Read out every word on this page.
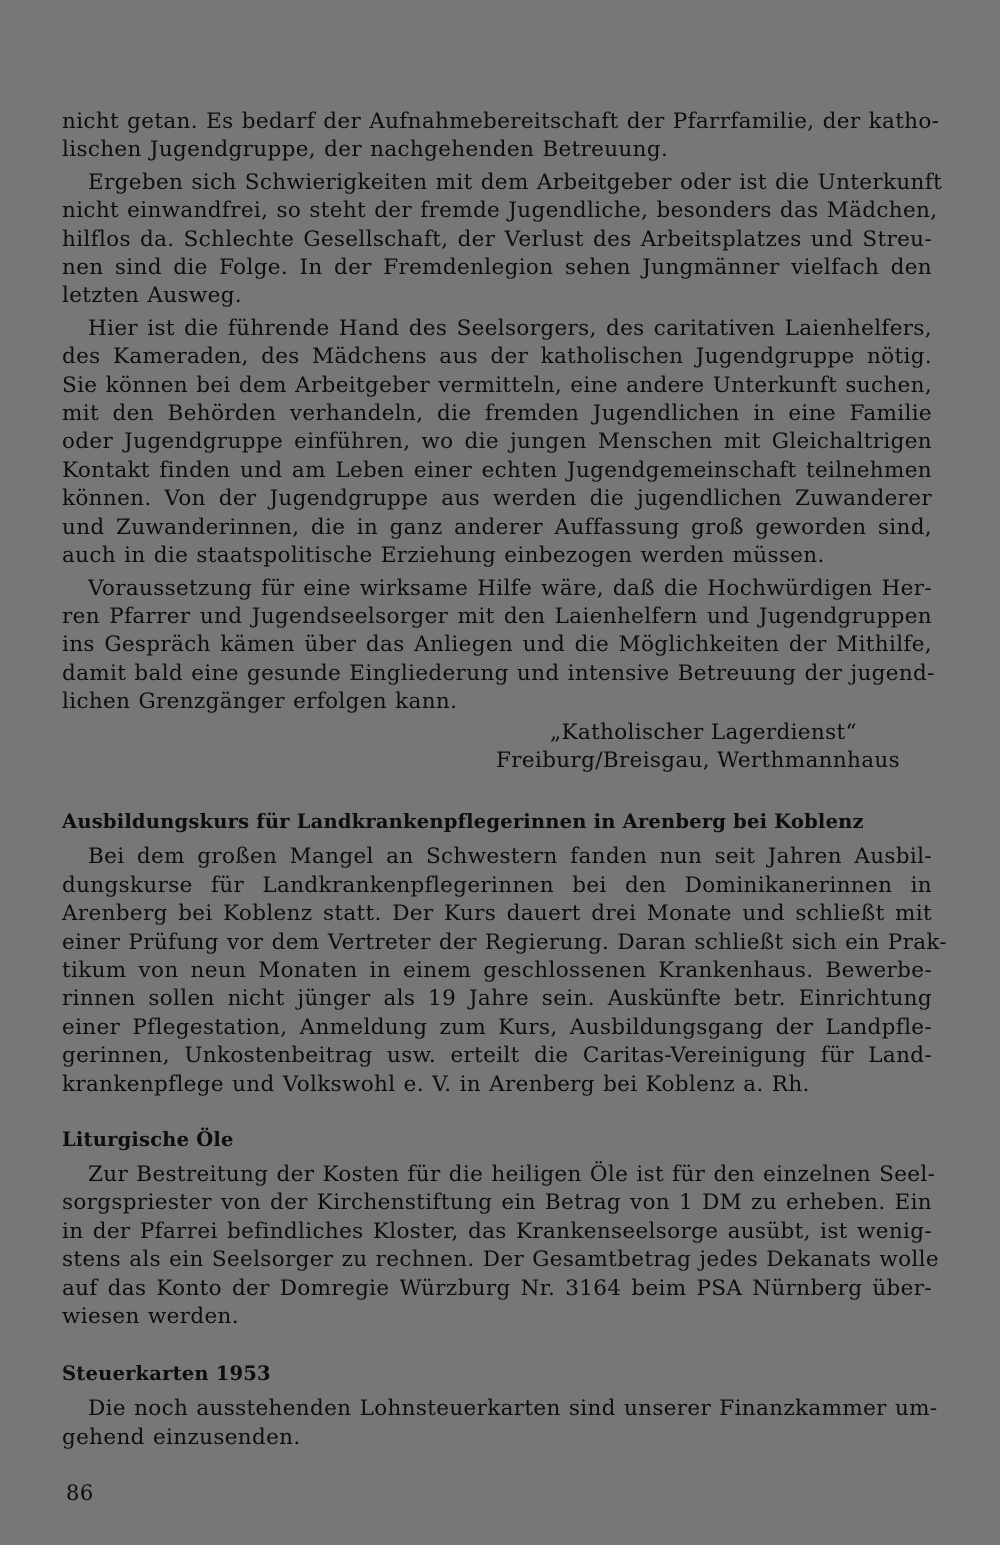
nicht getan. Es bedarf der Aufnahmebereitschaft der Pfarrfamilie, der katho-
lischen Jugendgruppe, der nachgehenden Betreuung.

Ergeben sich Schwierigkeiten mit dem Arbeitgeber oder ist die Unterkunft
nicht einwandfrei, so steht der fremde Jugendliche, besonders das Mädchen,
hilflos da. Schlechte Gesellschaft, der Verlust des Arbeitsplatzes und Streu-
nen sind die Folge. In der Fremdenlegion sehen Jungmänner vielfach den
letzten Ausweg.

Hier ist die führende Hand des Seelsorgers, des caritativen Laienhelfers,
des Kameraden, des Mädchens aus der katholischen Jugendgruppe nötig.
Sie können bei dem Arbeitgeber vermitteln, eine andere Unterkunft suchen,
mit den Behörden verhandeln, die fremden Jugendlichen in eine Familie
oder Jugendgruppe einführen, wo die jungen Menschen mit Gleichaltrigen
Kontakt finden und am Leben einer echten Jugendgemeinschaft teilnehmen
können. Von der Jugendgruppe aus werden die jugendlichen Zuwanderer
und Zuwanderinnen, die in ganz anderer Auffassung groß geworden sind,
auch in die staatspolitische Erziehung einbezogen werden müssen.

Voraussetzung für eine wirksame Hilfe wäre, daß die Hochwürdigen Her-
ren Pfarrer und Jugendseelsorger mit den Laienhelfern und Jugendgruppen
ins Gespräch kämen über das Anliegen und die Möglichkeiten der Mithilfe,
damit bald eine gesunde Eingliederung und intensive Betreuung der jugend-
lichen Grenzgänger erfolgen kann.

„Katholischer Lagerdienst“
Freiburg/Breisgau, Werthmannhaus
Ausbildungskurs für Landkrankenpflegerinnen in Arenberg bei Koblenz

Bei dem großen Mangel an Schwestern fanden nun seit Jahren Ausbil-
dungskurse für Landkrankenpflegerinnen bei den Dominikanerinnen in
Arenberg bei Koblenz statt. Der Kurs dauert drei Monate und schließt mit
einer Prüfung vor dem Vertreter der Regierung. Daran schließt sich ein Prak-
tikum von neun Monaten in einem geschlossenen Krankenhaus. Bewerbe-
rinnen sollen nicht jünger als 19 Jahre sein. Auskünfte betr. Einrichtung
einer Pflegestation, Anmeldung zum Kurs, Ausbildungsgang der Landpfle-
gerinnen, Unkostenbeitrag usw. erteilt die Caritas-Vereinigung für Land-
krankenpflege und Volkswohl e. V. in Arenberg bei Koblenz a. Rh.

Liturgische Öle

Zur Bestreitung der Kosten für die heiligen Öle ist für den einzelnen Seel-
sorgspriester von der Kirchenstiftung ein Betrag von 1 DM zu erheben. Ein
in der Pfarrei befindliches Kloster, das Krankenseelsorge ausübt, ist wenig-
stens als ein Seelsorger zu rechnen. Der Gesamtbetrag jedes Dekanats wolle
auf das Konto der Domregie Würzburg Nr. 3164 beim PSA Nürnberg über-
wiesen werden.

Steuerkarten 1953

Die noch ausstehenden Lohnsteuerkarten sind unserer Finanzkammer um-
gehend einzusenden.

86
